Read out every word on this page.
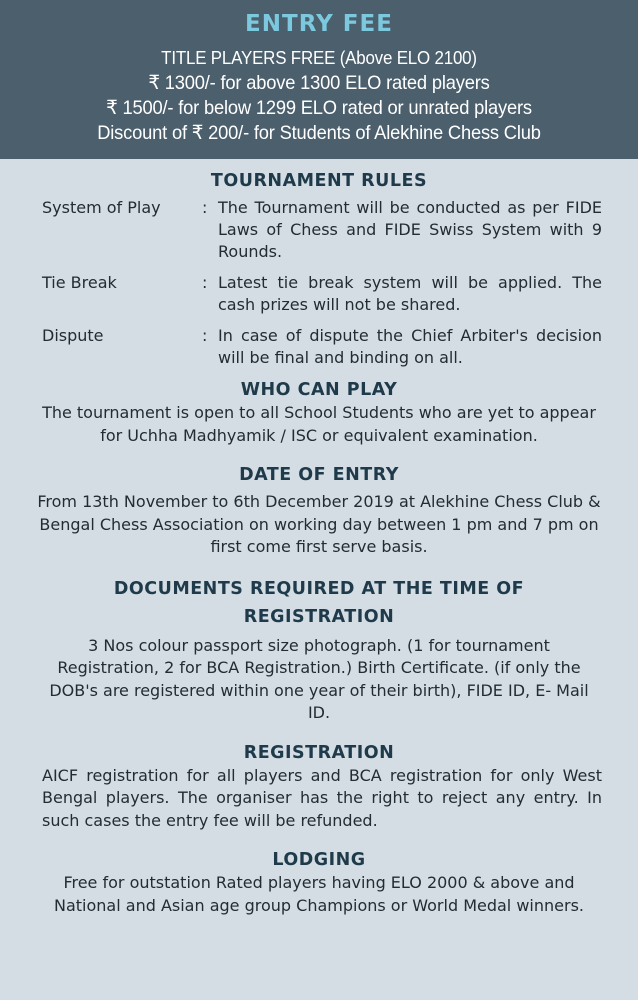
ENTRY FEE
TITLE PLAYERS FREE (Above ELO 2100)
₹ 1300/- for above 1300 ELO rated players
₹ 1500/- for below 1299 ELO rated or unrated players
Discount of ₹ 200/- for Students of Alekhine Chess Club
TOURNAMENT RULES
System of Play	: The Tournament will be conducted as per FIDE Laws of Chess and FIDE Swiss System with 9 Rounds.
Tie Break	: Latest tie break system will be applied. The cash prizes will not be shared.
Dispute	: In case of dispute the Chief Arbiter's decision will be final and binding on all.
WHO CAN PLAY
The tournament is open to all School Students who are yet to appear for Uchha Madhyamik / ISC or equivalent examination.
DATE OF ENTRY
From 13th November to 6th December 2019 at Alekhine Chess Club & Bengal Chess Association on working day between 1 pm and 7 pm on first come first serve basis.
DOCUMENTS REQUIRED AT THE TIME OF REGISTRATION
3 Nos colour passport size photograph. (1 for tournament Registration, 2 for BCA Registration.) Birth Certificate. (if only the DOB's are registered within one year of their birth), FIDE ID, E- Mail ID.
REGISTRATION
AICF registration for all players and BCA registration for only West Bengal players. The organiser has the right to reject any entry. In such cases the entry fee will be refunded.
LODGING
Free for outstation Rated players having ELO 2000 & above and National and Asian age group Champions or World Medal winners.
